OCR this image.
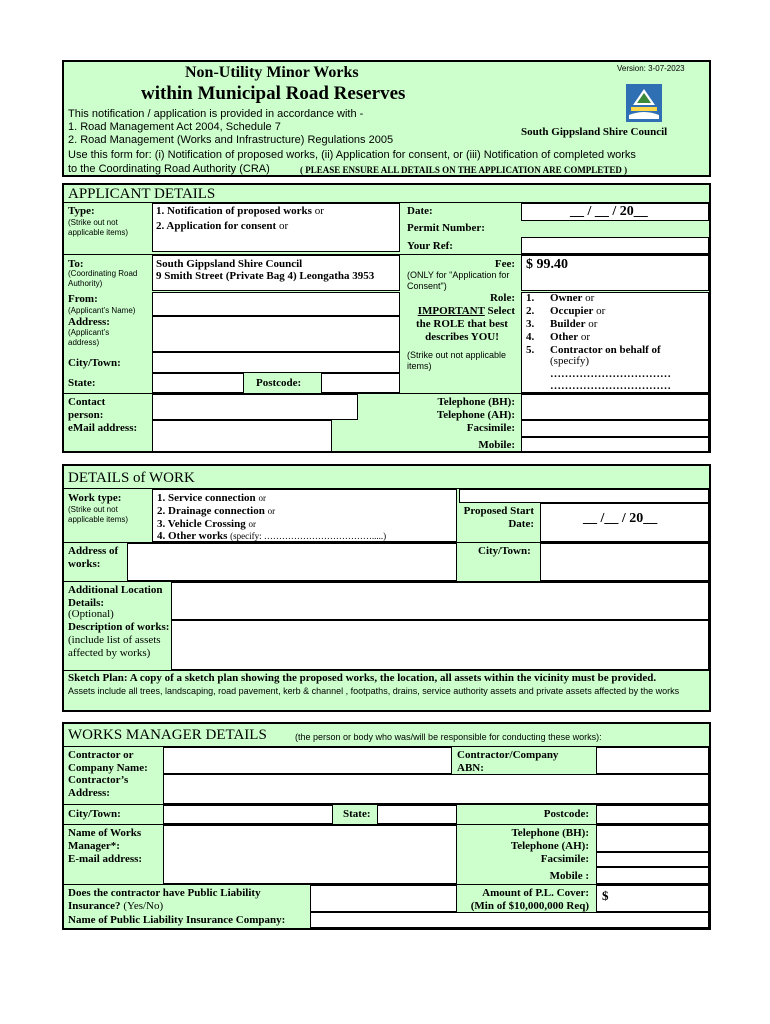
Version: 3-07-2023
Non-Utility Minor Works
within Municipal Road Reserves
This notification / application is provided in accordance with -
1. Road Management Act 2004, Schedule 7
2. Road Management (Works and Infrastructure) Regulations 2005
South Gippsland Shire Council
Use this form for: (i) Notification of proposed works, (ii) Application for consent, or (iii) Notification of completed works
to the Coordinating Road Authority (CRA)	( PLEASE ENSURE ALL DETAILS ON THE APPLICATION ARE COMPLETED )
APPLICANT DETAILS
Type:
(Strike out not applicable items)
1. Notification of proposed works or
2. Application for consent or
Date:	__ / __ / 20__
Permit Number:
Your Ref:
To:
(Coordinating Road Authority)
South Gippsland Shire Council
9 Smith Street (Private Bag 4) Leongatha 3953
Fee:
(ONLY for "Application for Consent")
$ 99.40
From:
(Applicant’s Name)
Address:
(Applicant’s address)
City/Town:
State:	Postcode:
Role:
IMPORTANT Select
the ROLE that best describes YOU!
(Strike out not applicable items)
1. Owner or
2. Occupier or
3. Builder or
4. Other or
5. Contractor on behalf of
(specify)
……………………………
……………………………
Contact person:
eMail address:
Telephone (BH):
Telephone (AH):
Facsimile:
Mobile:
DETAILS of WORK
Work type:
(Strike out not applicable items)
1. Service connection or
2. Drainage connection or
3. Vehicle Crossing or
4. Other works (specify: ……………………………….....)
Proposed Start Date:	__ /__ / 20__
Address of works:
City/Town:
Additional Location Details:
(Optional)
Description of works: (include list of assets affected by works)
Sketch Plan: A copy of a sketch plan showing the proposed works, the location, all assets within the vicinity must be provided.
Assets include all trees, landscaping, road pavement, kerb & channel , footpaths, drains, service authority assets and private assets affected by the works
WORKS MANAGER DETAILS	(the person or body who was/will be responsible for conducting these works):
Contractor or Company Name:
Contractor/Company ABN:
Contractor’s Address:
City/Town:	State:	Postcode:
Name of Works Manager*:
E-mail address:
Telephone (BH):
Telephone (AH):
Facsimile:
Mobile :
Does the contractor have Public Liability Insurance? (Yes/No)
Name of Public Liability Insurance Company:
Amount of P.L. Cover:
(Min of $10,000,000 Req)
$
